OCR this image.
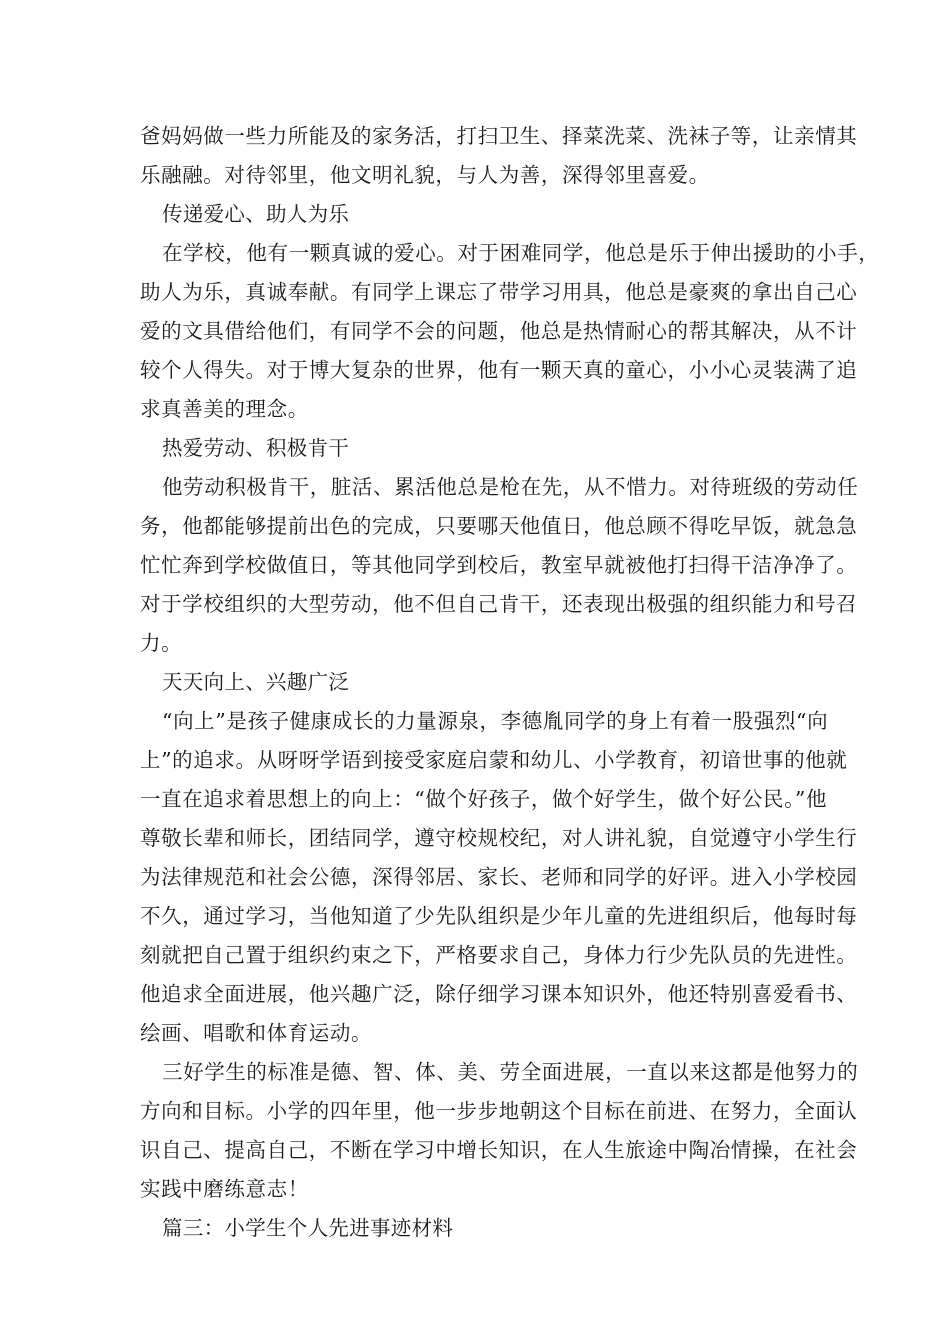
爸妈妈做一些力所能及的家务活，打扫卫生、择菜洗菜、洗袜子等，让亲情其
乐融融。对待邻里，他文明礼貌，与人为善，深得邻里喜爱。
传递爱心、助人为乐
在学校，他有一颗真诚的爱心。对于困难同学，他总是乐于伸出援助的小手，
助人为乐，真诚奉献。有同学上课忘了带学习用具，他总是豪爽的拿出自己心
爱的文具借给他们，有同学不会的问题，他总是热情耐心的帮其解决，从不计
较个人得失。对于博大复杂的世界，他有一颗天真的童心，小小心灵装满了追
求真善美的理念。
热爱劳动、积极肯干
他劳动积极肯干，脏活、累活他总是枪在先，从不惜力。对待班级的劳动任
务，他都能够提前出色的完成，只要哪天他值日，他总顾不得吃早饭，就急急
忙忙奔到学校做值日，等其他同学到校后，教室早就被他打扫得干洁净净了。
对于学校组织的大型劳动，他不但自己肯干，还表现出极强的组织能力和号召
力。
天天向上、兴趣广泛
“向上”是孩子健康成长的力量源泉，李德胤同学的身上有着一股强烈“向
上”的追求。从呀呀学语到接受家庭启蒙和幼儿、小学教育，初谙世事的他就
一直在追求着思想上的向上：“做个好孩子，做个好学生，做个好公民。”他
尊敬长辈和师长，团结同学，遵守校规校纪，对人讲礼貌，自觉遵守小学生行
为法律规范和社会公德，深得邻居、家长、老师和同学的好评。进入小学校园
不久，通过学习，当他知道了少先队组织是少年儿童的先进组织后，他每时每
刻就把自己置于组织约束之下，严格要求自己，身体力行少先队员的先进性。
他追求全面进展，他兴趣广泛，除仔细学习课本知识外，他还特别喜爱看书、
绘画、唱歌和体育运动。
三好学生的标准是德、智、体、美、劳全面进展，一直以来这都是他努力的
方向和目标。小学的四年里，他一步步地朝这个目标在前进、在努力，全面认
识自己、提高自己，不断在学习中增长知识，在人生旅途中陶冶情操，在社会
实践中磨练意志！
篇三：小学生个人先进事迹材料
